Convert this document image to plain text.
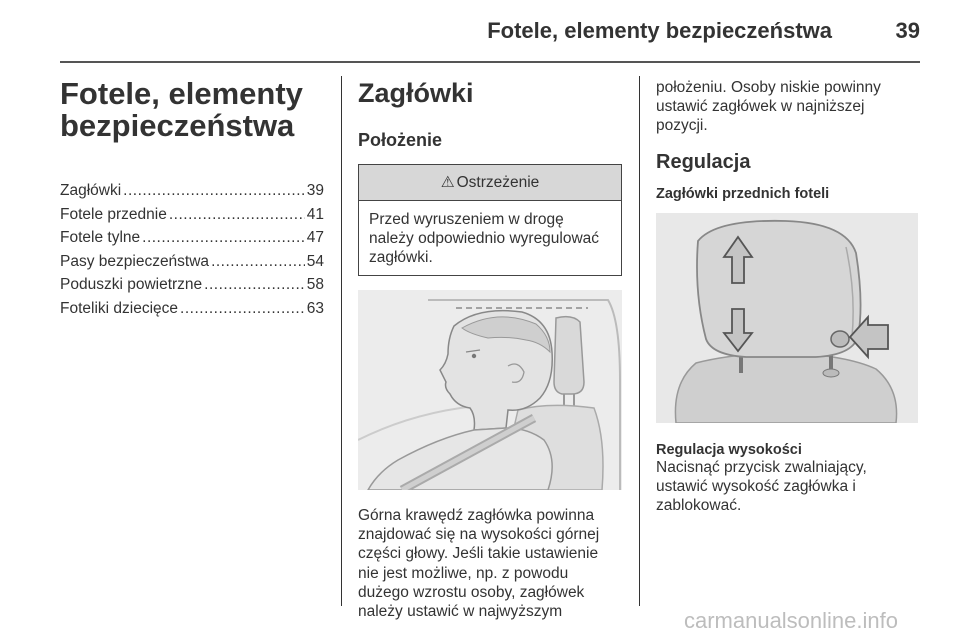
Fotele, elementy bezpieczeństwa	39
Fotele, elementy
bezpieczeństwa
Zagłówki .....	39
Fotele przednie .....	41
Fotele tylne .....	47
Pasy bezpieczeństwa .....	54
Poduszki powietrzne .....	58
Foteliki dziecięce .....	63
Zagłówki
Położenie
⚠ Ostrzeżenie
Przed wyruszeniem w drogę
należy odpowiednio wyregulować
zagłówki.
Górna krawędź zagłówka powinna
znajdować się na wysokości górnej
części głowy. Jeśli takie ustawienie
nie jest możliwe, np. z powodu
dużego wzrostu osoby, zagłówek
należy ustawić w najwyższym
położeniu. Osoby niskie powinny
ustawić zagłówek w najniższej
pozycji.
Regulacja
Zagłówki przednich foteli
Regulacja wysokości
Nacisnąć przycisk zwalniający,
ustawić wysokość zagłówka i
zablokować.
carmanualsonline.info
